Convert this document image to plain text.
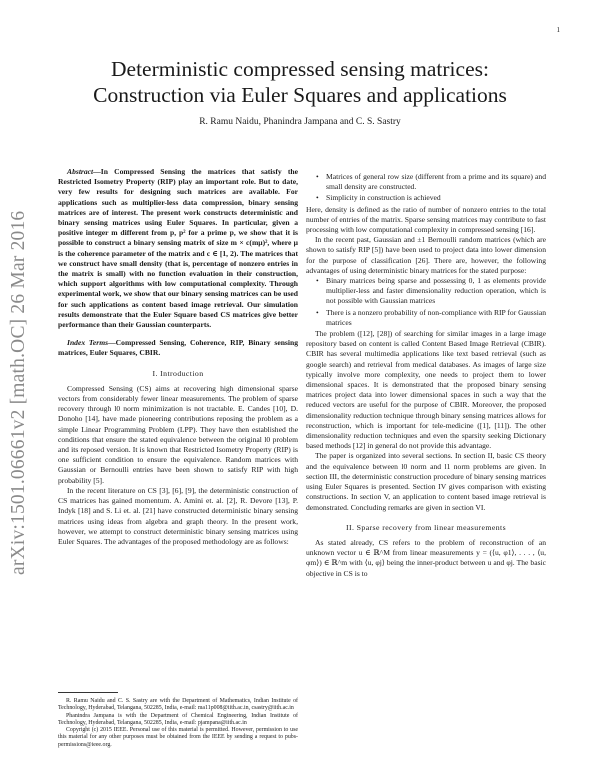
1
arXiv:1501.06661v2 [math.OC] 26 Mar 2016
Deterministic compressed sensing matrices:
Construction via Euler Squares and applications
R. Ramu Naidu, Phanindra Jampana and C. S. Sastry

Abstract—In Compressed Sensing the matrices that satisfy the Restricted Isometry Property (RIP) play an important role. But to date, very few results for designing such matrices are available. For applications such as multiplier-less data compression, binary sensing matrices are of interest. The present work constructs deterministic and binary sensing matrices using Euler Squares. In particular, given a positive integer m different from p, p² for a prime p, we show that it is possible to construct a binary sensing matrix of size m × c(mμ)², where μ is the coherence parameter of the matrix and c ∈ [1, 2). The matrices that we construct have small density (that is, percentage of nonzero entries in the matrix is small) with no function evaluation in their construction, which support algorithms with low computational complexity. Through experimental work, we show that our binary sensing matrices can be used for such applications as content based image retrieval. Our simulation results demonstrate that the Euler Square based CS matrices give better performance than their Gaussian counterparts.

Index Terms—Compressed Sensing, Coherence, RIP, Binary sensing matrices, Euler Squares, CBIR.

I. Introduction

Compressed Sensing (CS) aims at recovering high dimensional sparse vectors from considerably fewer linear measurements. The problem of sparse recovery through l0 norm minimization is not tractable. E. Candes [10], D. Donoho [14], have made pioneering contributions reposing the problem as a simple Linear Programming Problem (LPP). They have then established the conditions that ensure the stated equivalence between the original l0 problem and its reposed version. It is known that Restricted Isometry Property (RIP) is one sufficient condition to ensure the equivalence. Random matrices with Gaussian or Bernoulli entries have been shown to satisfy RIP with high probability [5].

In the recent literature on CS [3], [6], [9], the deterministic construction of CS matrices has gained momentum. A. Amini et. al. [2], R. Devore [13], P. Indyk [18] and S. Li et. al. [21] have constructed deterministic binary sensing matrices using ideas from algebra and graph theory. In the present work, however, we attempt to construct deterministic binary sensing matrices using Euler Squares. The advantages of the proposed methodology are as follows:

R. Ramu Naidu and C. S. Sastry are with the Department of Mathematics, Indian Institute of Technology, Hyderabad, Telangana, 502285, India, e-mail: ma11p008@iith.ac.in, csastry@iith.ac.in

Phanindra Jampana is with the Department of Chemical Engineering, Indian Institute of Technology, Hyderabad, Telangana, 502285, India, e-mail: pjampana@iith.ac.in

Copyright (c) 2015 IEEE. Personal use of this material is permitted. However, permission to use this material for any other purposes must be obtained from the IEEE by sending a request to pubs-permissions@ieee.org.

• Matrices of general row size (different from a prime and its square) and small density are constructed.
• Simplicity in construction is achieved

Here, density is defined as the ratio of number of nonzero entries to the total number of entries of the matrix. Sparse sensing matrices may contribute to fast processing with low computational complexity in compressed sensing [16].

In the recent past, Gaussian and ±1 Bernoulli random matrices (which are shown to satisfy RIP [5]) have been used to project data into lower dimension for the purpose of classification [26]. There are, however, the following advantages of using deterministic binary matrices for the stated purpose:

• Binary matrices being sparse and possessing 0, 1 as elements provide multiplier-less and faster dimensionality reduction operation, which is not possible with Gaussian matrices
• There is a nonzero probability of non-compliance with RIP for Gaussian matrices

The problem ([12], [28]) of searching for similar images in a large image repository based on content is called Content Based Image Retrieval (CBIR). CBIR has several multimedia applications like text based retrieval (such as google search) and retrieval from medical databases. As images of large size typically involve more complexity, one needs to project them to lower dimensional spaces. It is demonstrated that the proposed binary sensing matrices project data into lower dimensional spaces in such a way that the reduced vectors are useful for the purpose of CBIR. Moreover, the proposed dimensionality reduction technique through binary sensing matrices allows for reconstruction, which is important for tele-medicine ([1], [11]). The other dimensionality reduction techniques and even the sparsity seeking Dictionary based methods [12] in general do not provide this advantage.

The paper is organized into several sections. In section II, basic CS theory and the equivalence between l0 norm and l1 norm problems are given. In section III, the deterministic construction procedure of binary sensing matrices using Euler Squares is presented. Section IV gives comparison with existing constructions. In section V, an application to content based image retrieval is demonstrated. Concluding remarks are given in section VI.

II. Sparse recovery from linear measurements

As stated already, CS refers to the problem of reconstruction of an unknown vector u ∈ ℝ^M from linear measurements y = (⟨u, φ1⟩, . . . , ⟨u, φm⟩) ∈ ℝ^m with ⟨u, φj⟩ being the inner-product between u and φj. The basic objective in CS is to
